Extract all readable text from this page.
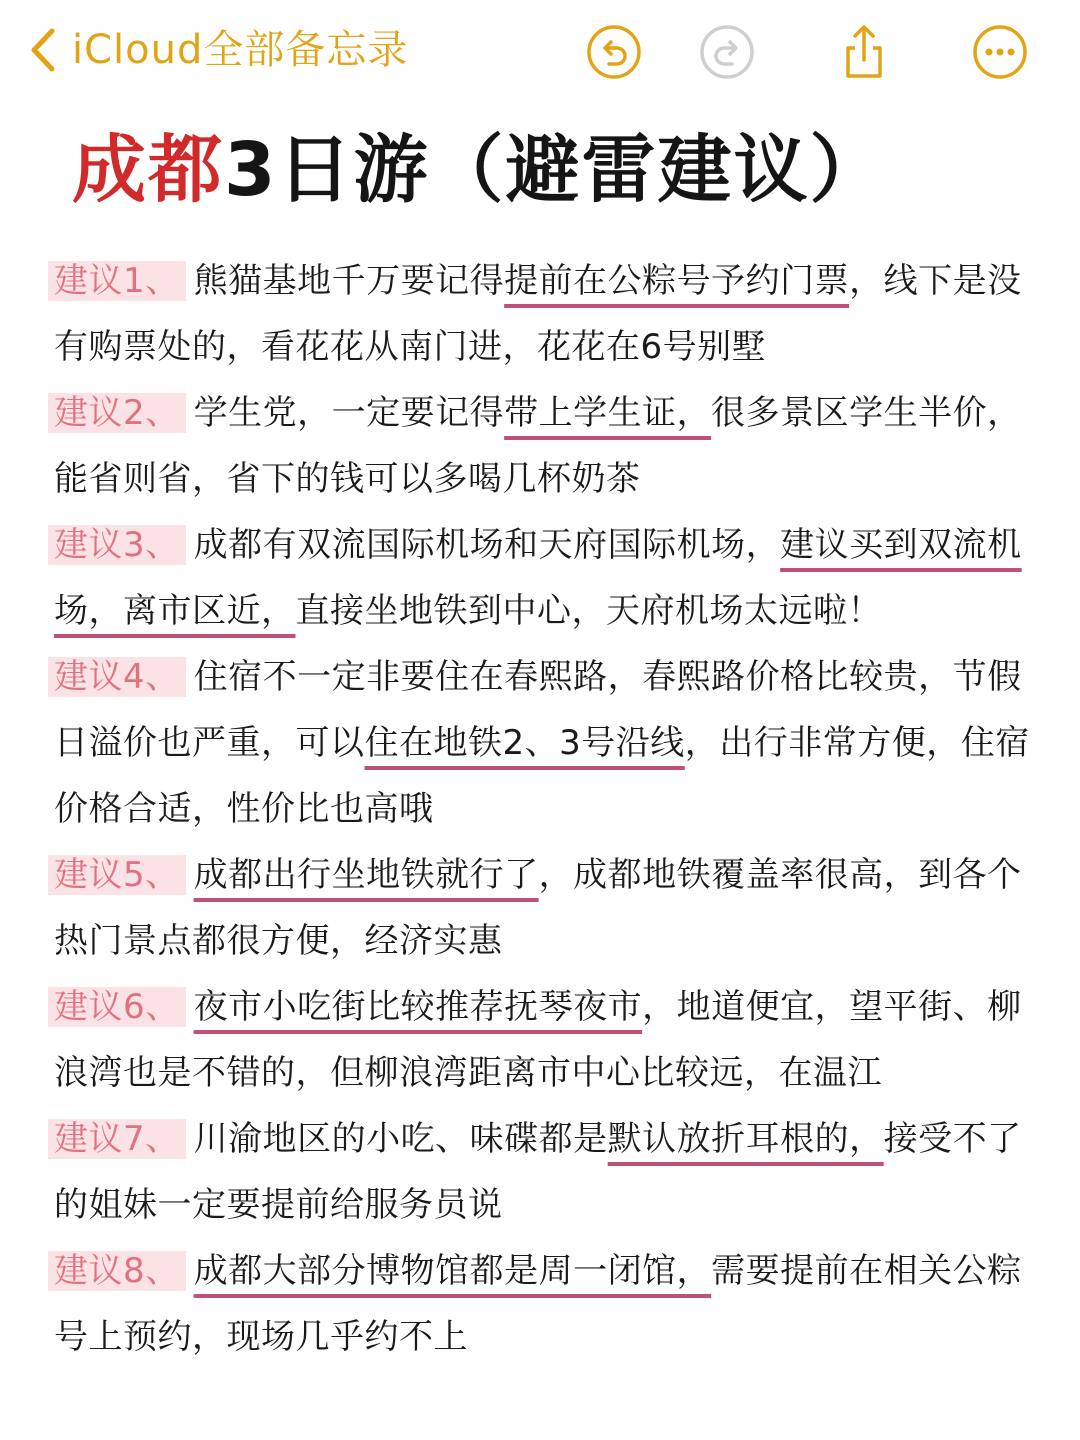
iCloud全部备忘录
成都3日游（避雷建议）

建议1、 熊猫基地千万要记得提前在公粽号予约门票，线下是没有购票处的，看花花从南门进，花花在6号别墅

建议2、 学生党，一定要记得带上学生证，很多景区学生半价，能省则省，省下的钱可以多喝几杯奶茶

建议3、 成都有双流国际机场和天府国际机场，建议买到双流机场，离市区近，直接坐地铁到中心，天府机场太远啦！

建议4、 住宿不一定非要住在春熙路，春熙路价格比较贵，节假日溢价也严重，可以住在地铁2、3号沿线，出行非常方便，住宿价格合适，性价比也高哦

建议5、 成都出行坐地铁就行了，成都地铁覆盖率很高，到各个热门景点都很方便，经济实惠

建议6、 夜市小吃街比较推荐抚琴夜市，地道便宜，望平街、柳浪湾也是不错的，但柳浪湾距离市中心比较远，在温江

建议7、 川渝地区的小吃、味碟都是默认放折耳根的，接受不了的姐妹一定要提前给服务员说

建议8、 成都大部分博物馆都是周一闭馆，需要提前在相关公粽号上预约，现场几乎约不上
